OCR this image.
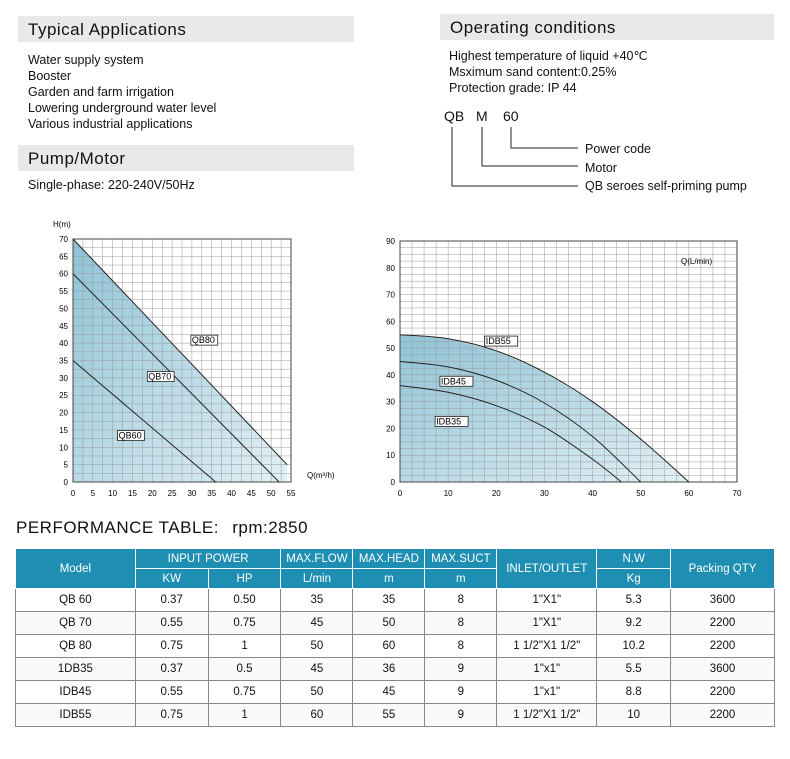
Typical Applications	Operating conditions
Pump/Motor
Water supply system
Booster
Garden and farm irrigation
Lowering underground water level
Various industrial applications
Highest temperature of liquid +40℃
Msximum sand content:0.25%
Protection grade: IP 44
Single-phase: 220-240V/50Hz
QB M 60
Power code
Motor
QB seroes self-priming pump
0 5 10 15 20 25 30 35 40 45 50 55
0
5
10
15
20
25
30
35
40
45
50
55
60
65
70
QB80
QB70
QB60
H(m)
Q(m³/h)
0	10	20	30	40	50	60	70
0
10
20
30
40
50
60
70
80
90
IDB55
IDB45
IDB35
Q(L/min)
PERFORMANCE TABLE: rpm:2850
Model	INPUT POWER		MAX.FLOW	MAX.HEAD	MAX.SUCT	INLET/OUTLET	N.W	Packing QTY
	KW	HP	L/min	m	m		Kg	
QB 60	0.37	0.50	35	35	8	1"X1"	5.3	3600
QB 70	0.55	0.75	45	50	8	1"X1"	9.2	2200
QB 80	0.75	1	50	60	8	1 1/2"X1 1/2"	10.2	2200
1DB35	0.37	0.5	45	36	9	1"x1"	5.5	3600
IDB45	0.55	0.75	50	45	9	1"x1"	8.8	2200
IDB55	0.75	1	60	55	9	1 1/2"X1 1/2"	10	2200
